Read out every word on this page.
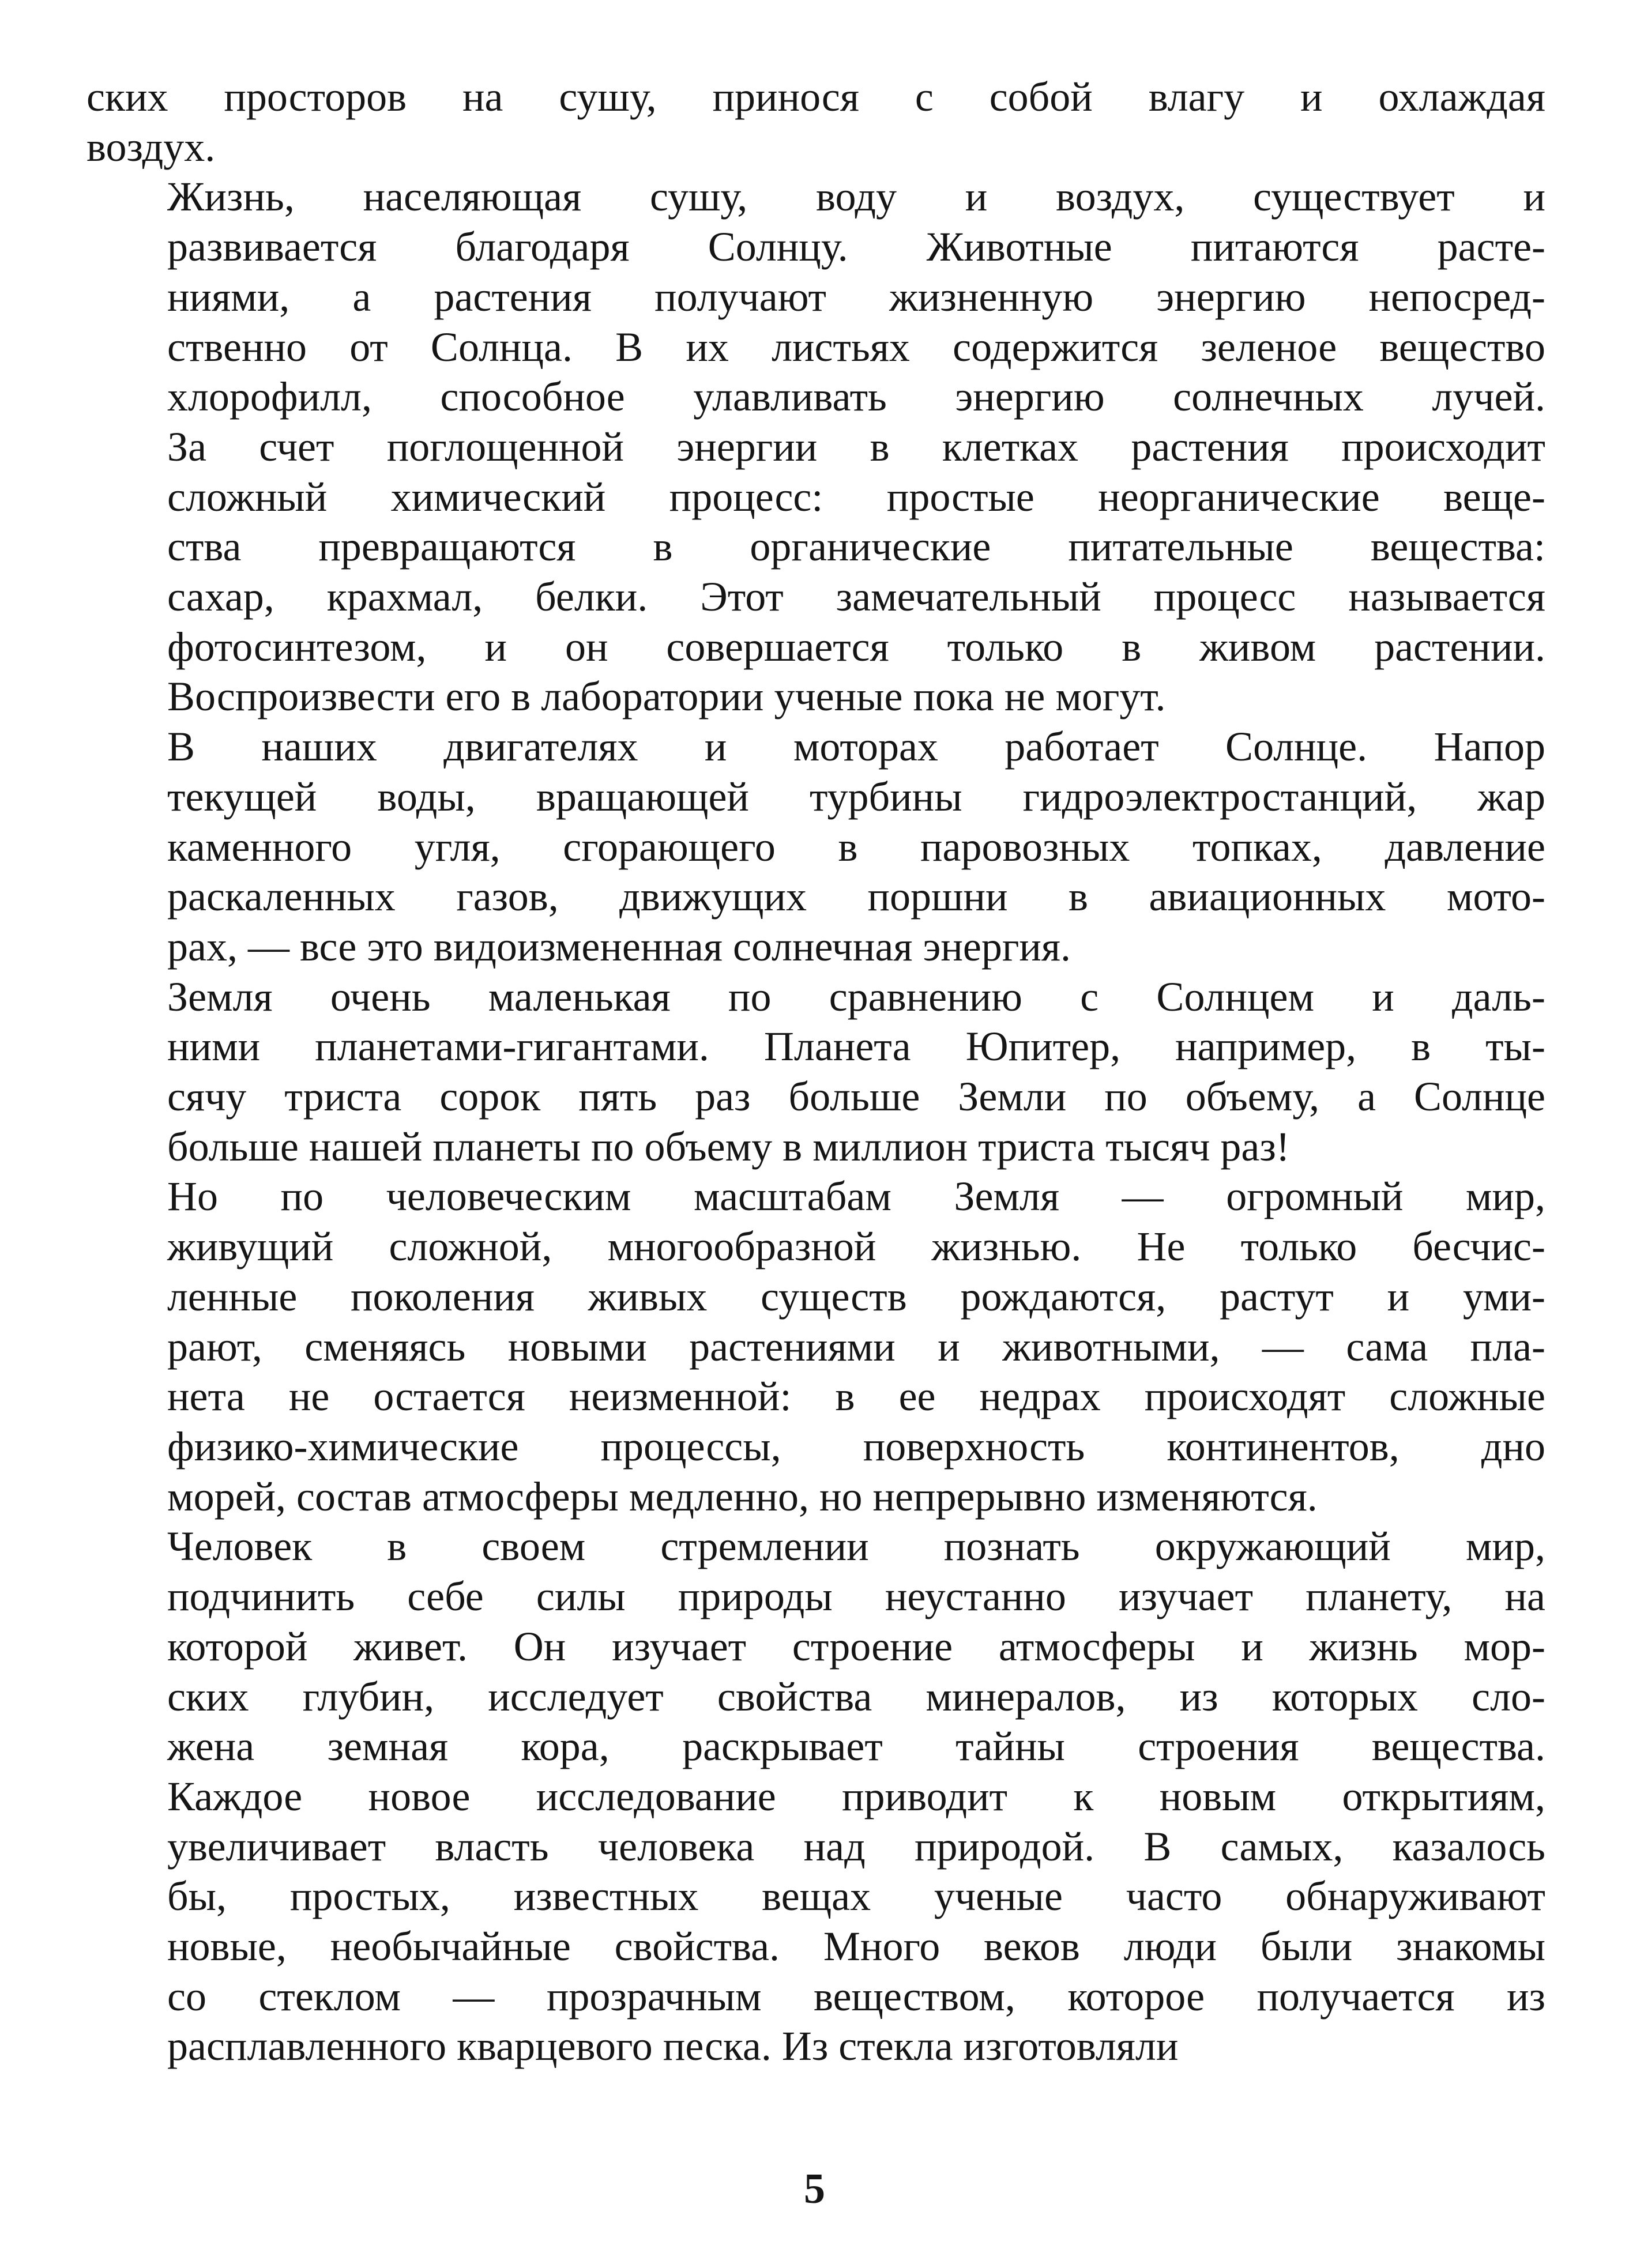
ских просторов на сушу, принося с собой влагу и охлаждая
воздух.
Жизнь, населяющая сушу, воду и воздух, существует и
развивается благодаря Солнцу. Животные питаются расте-
ниями, а растения получают жизненную энергию непосред-
ственно от Солнца. В их листьях содержится зеленое вещество
хлорофилл, способное улавливать энергию солнечных лучей.
За счет поглощенной энергии в клетках растения происходит
сложный химический процесс: простые неорганические веще-
ства превращаются в органические питательные вещества:
сахар, крахмал, белки. Этот замечательный процесс называется
фотосинтезом, и он совершается только в живом растении.
Воспроизвести его в лаборатории ученые пока не могут.
В наших двигателях и моторах работает Солнце. Напор
текущей воды, вращающей турбины гидроэлектростанций, жар
каменного угля, сгорающего в паровозных топках, давление
раскаленных газов, движущих поршни в авиационных мото-
рах, — все это видоизмененная солнечная энергия.
Земля очень маленькая по сравнению с Солнцем и даль-
ними планетами-гигантами. Планета Юпитер, например, в ты-
сячу триста сорок пять раз больше Земли по объему, а Солнце
больше нашей планеты по объему в миллион триста тысяч раз!
Но по человеческим масштабам Земля — огромный мир,
живущий сложной, многообразной жизнью. Не только бесчис-
ленные поколения живых существ рождаются, растут и уми-
рают, сменяясь новыми растениями и животными, — сама пла-
нета не остается неизменной: в ее недрах происходят сложные
физико-химические процессы, поверхность континентов, дно
морей, состав атмосферы медленно, но непрерывно изменяются.
Человек в своем стремлении познать окружающий мир,
подчинить себе силы природы неустанно изучает планету, на
которой живет. Он изучает строение атмосферы и жизнь мор-
ских глубин, исследует свойства минералов, из которых сло-
жена земная кора, раскрывает тайны строения вещества.
Каждое новое исследование приводит к новым открытиям,
увеличивает власть человека над природой. В самых, казалось
бы, простых, известных вещах ученые часто обнаруживают
новые, необычайные свойства. Много веков люди были знакомы
со стеклом — прозрачным веществом, которое получается из
расплавленного кварцевого песка. Из стекла изготовляли
5
